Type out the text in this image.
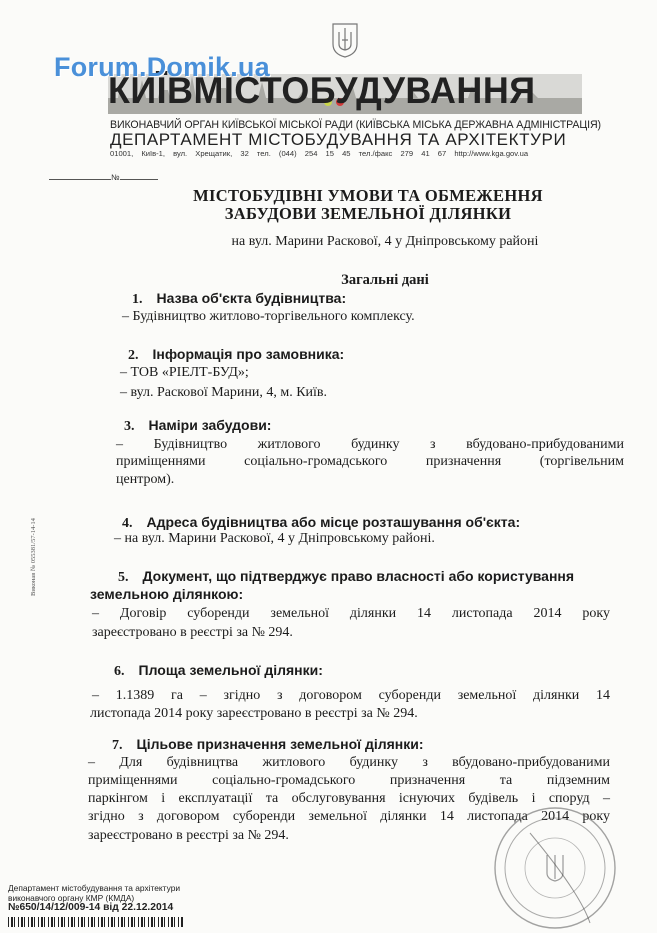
Forum.Domik.ua
КИЇВМІСТОБУДУВАННЯ
ВИКОНАВЧИЙ ОРГАН КИЇВСЬКОЇ МІСЬКОЇ РАДИ (КИЇВСЬКА МІСЬКА ДЕРЖАВНА АДМІНІСТРАЦІЯ)
ДЕПАРТАМЕНТ МІСТОБУДУВАННЯ ТА АРХІТЕКТУРИ
01001, Київ-1, вул. Хрещатик, 32 тел. (044) 254 15 45 тел./факс 279 41 67 http://www.kga.gov.ua
№
МІСТОБУДІВНІ УМОВИ ТА ОБМЕЖЕННЯ
ЗАБУДОВИ ЗЕМЕЛЬНОЇ ДІЛЯНКИ
на вул. Марини Раскової, 4 у Дніпровському районі
Загальні дані
1. Назва об'єкта будівництва:
– Будівництво житлово-торгівельного комплексу.
2. Інформація про замовника:
– ТОВ «РІЕЛТ-БУД»;
– вул. Раскової Марини, 4, м. Київ.
3. Наміри забудови:
– Будівництво житлового будинку з вбудовано-прибудованими
приміщеннями соціально-громадського призначення (торгівельним
центром).
4. Адреса будівництва або місце розташування об'єкта:
– на вул. Марини Раскової, 4 у Дніпровському районі.
5. Документ, що підтверджує право власності або користування
земельною ділянкою:
– Договір суборенди земельної ділянки 14 листопада 2014 року
зареєстровано в реєстрі за № 294.
6. Площа земельної ділянки:
– 1.1389 га – згідно з договором суборенди земельної ділянки 14
листопада 2014 року зареєстровано в реєстрі за № 294.
7. Цільове призначення земельної ділянки:
– Для будівництва житлового будинку з вбудовано-прибудованими
приміщеннями соціально-громадського призначення та підземним
паркінгом і експлуатації та обслуговування існуючих будівель і споруд –
згідно з договором суборенди земельної ділянки 14 листопада 2014 року
зареєстровано в реєстрі за № 294.
Виконав № 055381/57-14-14
Департамент містобудування та архітектури
виконавчого органу КМР (КМДА)
№650/14/12/009-14 від 22.12.2014
